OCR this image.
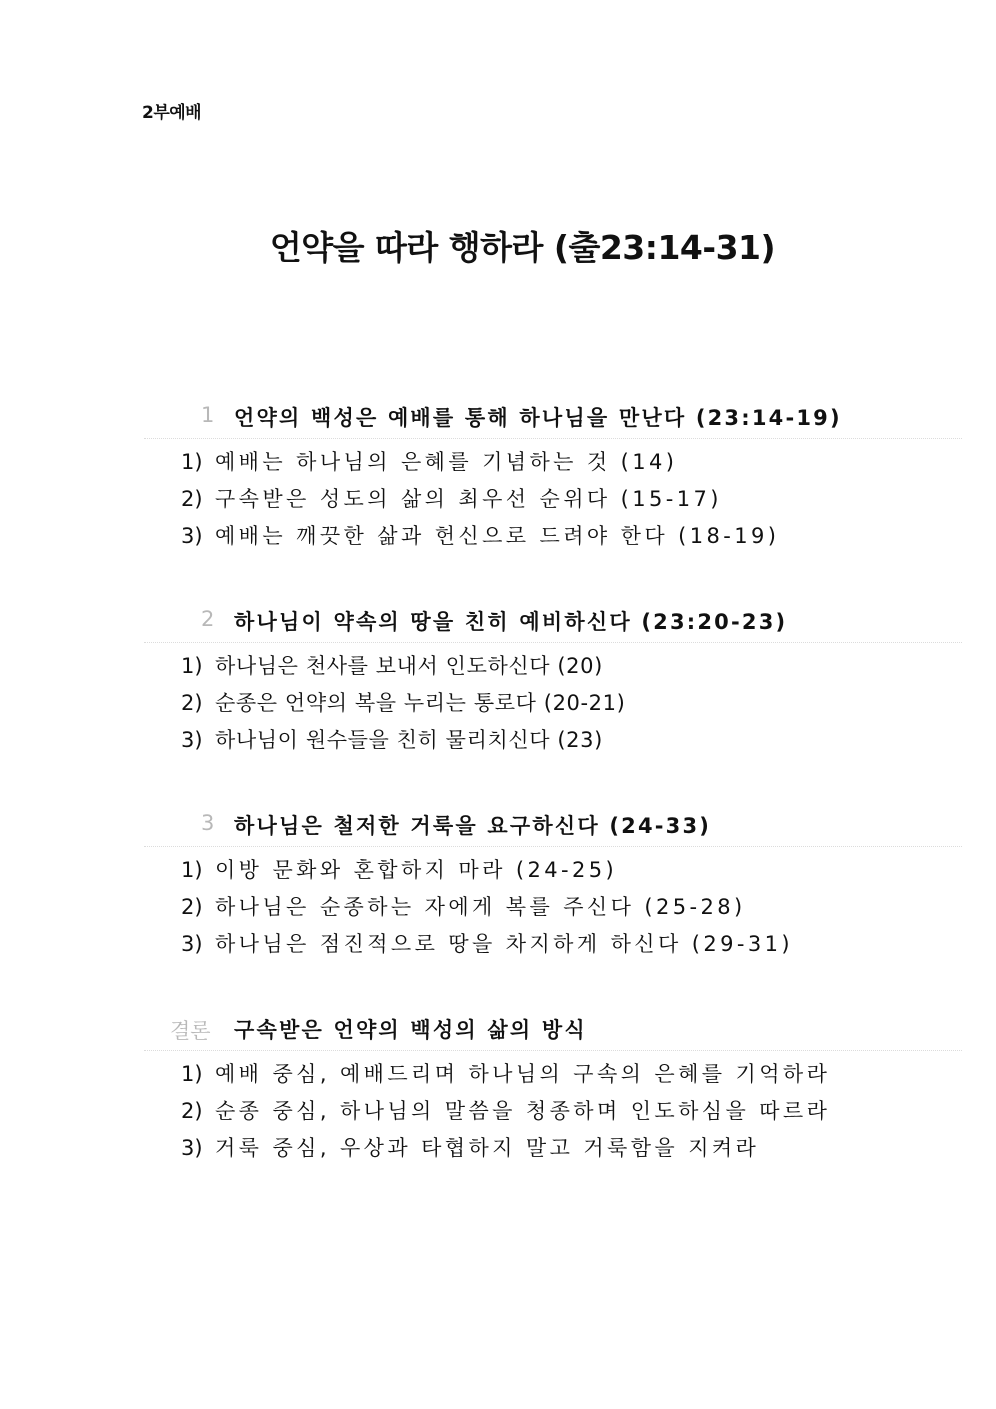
2부예배
언약을 따라 행하라 (출23:14-31)
1 언약의 백성은 예배를 통해 하나님을 만난다 (23:14-19)
1) 예배는 하나님의 은혜를 기념하는 것 (14)
2) 구속받은 성도의 삶의 최우선 순위다 (15-17)
3) 예배는 깨끗한 삶과 헌신으로 드려야 한다 (18-19)
2 하나님이 약속의 땅을 친히 예비하신다 (23:20-23)
1) 하나님은 천사를 보내서 인도하신다 (20)
2) 순종은 언약의 복을 누리는 통로다 (20-21)
3) 하나님이 원수들을 친히 물리치신다 (23)
3 하나님은 철저한 거룩을 요구하신다 (24-33)
1) 이방 문화와 혼합하지 마라 (24-25)
2) 하나님은 순종하는 자에게 복를 주신다 (25-28)
3) 하나님은 점진적으로 땅을 차지하게 하신다 (29-31)
결론 구속받은 언약의 백성의 삶의 방식
1) 예배 중심, 예배드리며 하나님의 구속의 은혜를 기억하라
2) 순종 중심, 하나님의 말씀을 청종하며 인도하심을 따르라
3) 거룩 중심, 우상과 타협하지 말고 거룩함을 지켜라
